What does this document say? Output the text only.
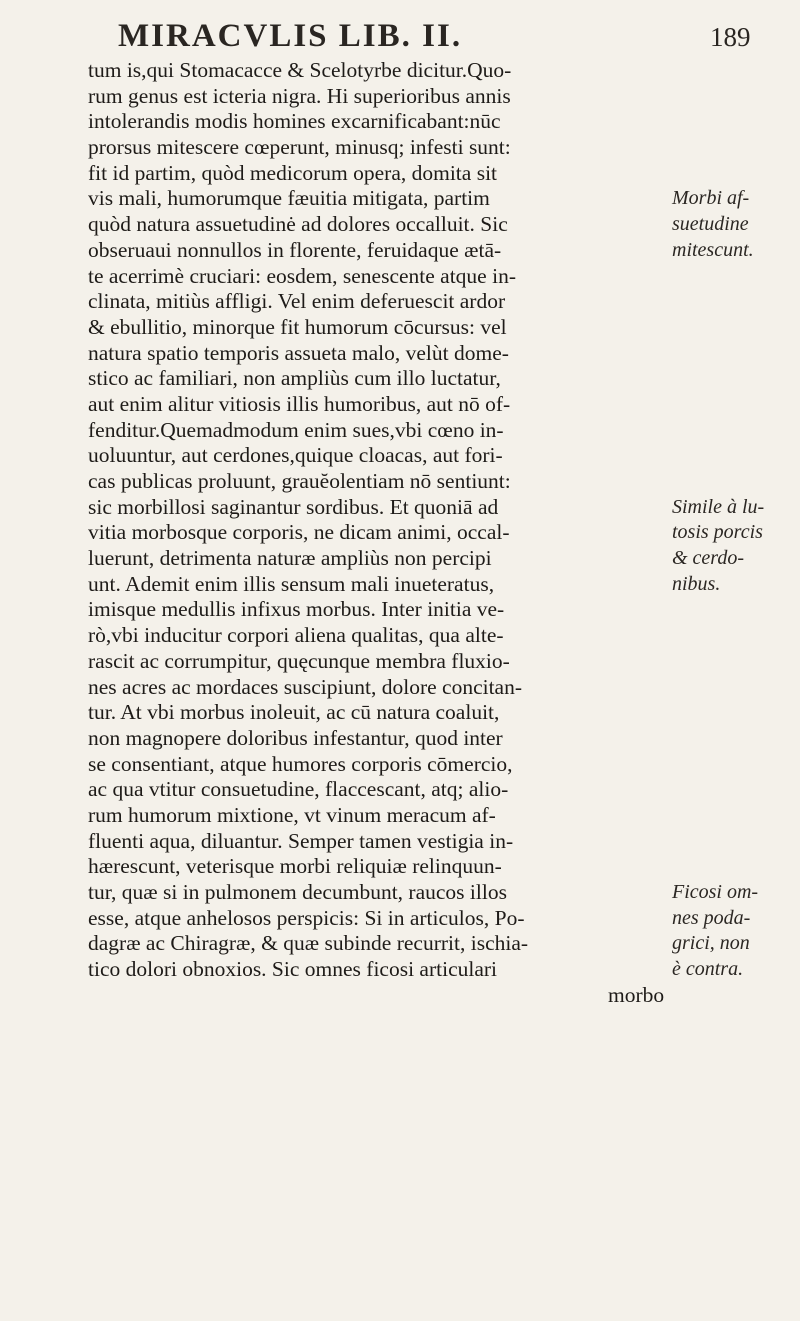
MIRACVLIS LIB. II.	189
tum is,qui Stomacacce & Scelotyrbe dicitur.Quo-
rum genus est icteria nigra. Hi superioribus annis
intolerandis modis homines excarnificabant:nūc
prorsus mitescere cœperunt, minusq; infesti sunt:
fit id partim, quòd medicorum opera, domita sit
vis mali, humorumque fæuitia mitigata, partim
quòd natura assuetudinė ad dolores occalluit. Sic
obseruaui nonnullos in florente, feruidaque ætā-
te acerrimè cruciari: eosdem, senescente atque in-
clinata, mitiùs affligi. Vel enim deferuescit ardor
& ebullitio, minorque fit humorum cōcursus: vel
natura spatio temporis assueta malo, velùt dome-
stico ac familiari, non ampliùs cum illo luctatur,
aut enim alitur vitiosis illis humoribus, aut nō of-
fenditur.Quemadmodum enim sues,vbi cœno in-
uoluuntur, aut cerdones,quique cloacas, aut fori-
cas publicas proluunt, grauĕolentiam nō sentiunt:
sic morbillosi saginantur sordibus. Et quoniā ad
vitia morbosque corporis, ne dicam animi, occal-
luerunt, detrimenta naturæ ampliùs non percipi
unt. Ademit enim illis sensum mali inueteratus,
imisque medullis infixus morbus. Inter initia ve-
rò,vbi inducitur corpori aliena qualitas, qua alte-
rascit ac corrumpitur, quęcunque membra fluxio-
nes acres ac mordaces suscipiunt, dolore concitan-
tur. At vbi morbus inoleuit, ac cū natura coaluit,
non magnopere doloribus infestantur, quod inter
se consentiant, atque humores corporis cōmercio,
ac qua vtitur consuetudine, flaccescant, atq; alio-
rum humorum mixtione, vt vinum meracum af-
fluenti aqua, diluantur. Semper tamen vestigia in-
hærescunt, veterisque morbi reliquiæ relinquun-
tur, quæ si in pulmonem decumbunt, raucos illos
esse, atque anhelosos perspicis: Si in articulos, Po-
dagræ ac Chiragræ, & quæ subinde recurrit, ischia-
tico dolori obnoxios. Sic omnes ficosi articulari
morbo
Morbi af-
suetudine
mitescunt.
Simile à lu-
tosis porcis
& cerdo-
nibus.
Ficosi om-
nes poda-
grici, non
è contra.
